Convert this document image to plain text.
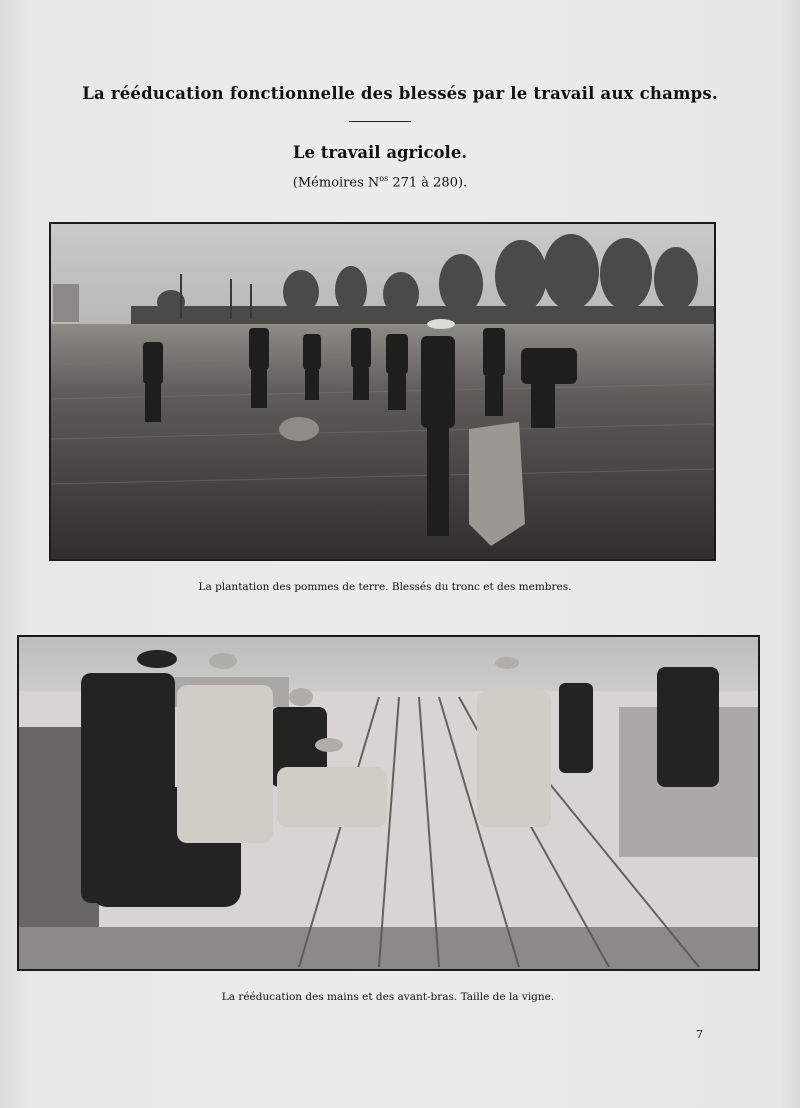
La rééducation fonctionnelle des blessés par le travail aux champs.
Le travail agricole.
(Mémoires $N^{os}$ 271 à 280).
La plantation des pommes de terre. Blessés du tronc et des membres.
La rééducation des mains et des avant-bras. Taille de la vigne.
7
